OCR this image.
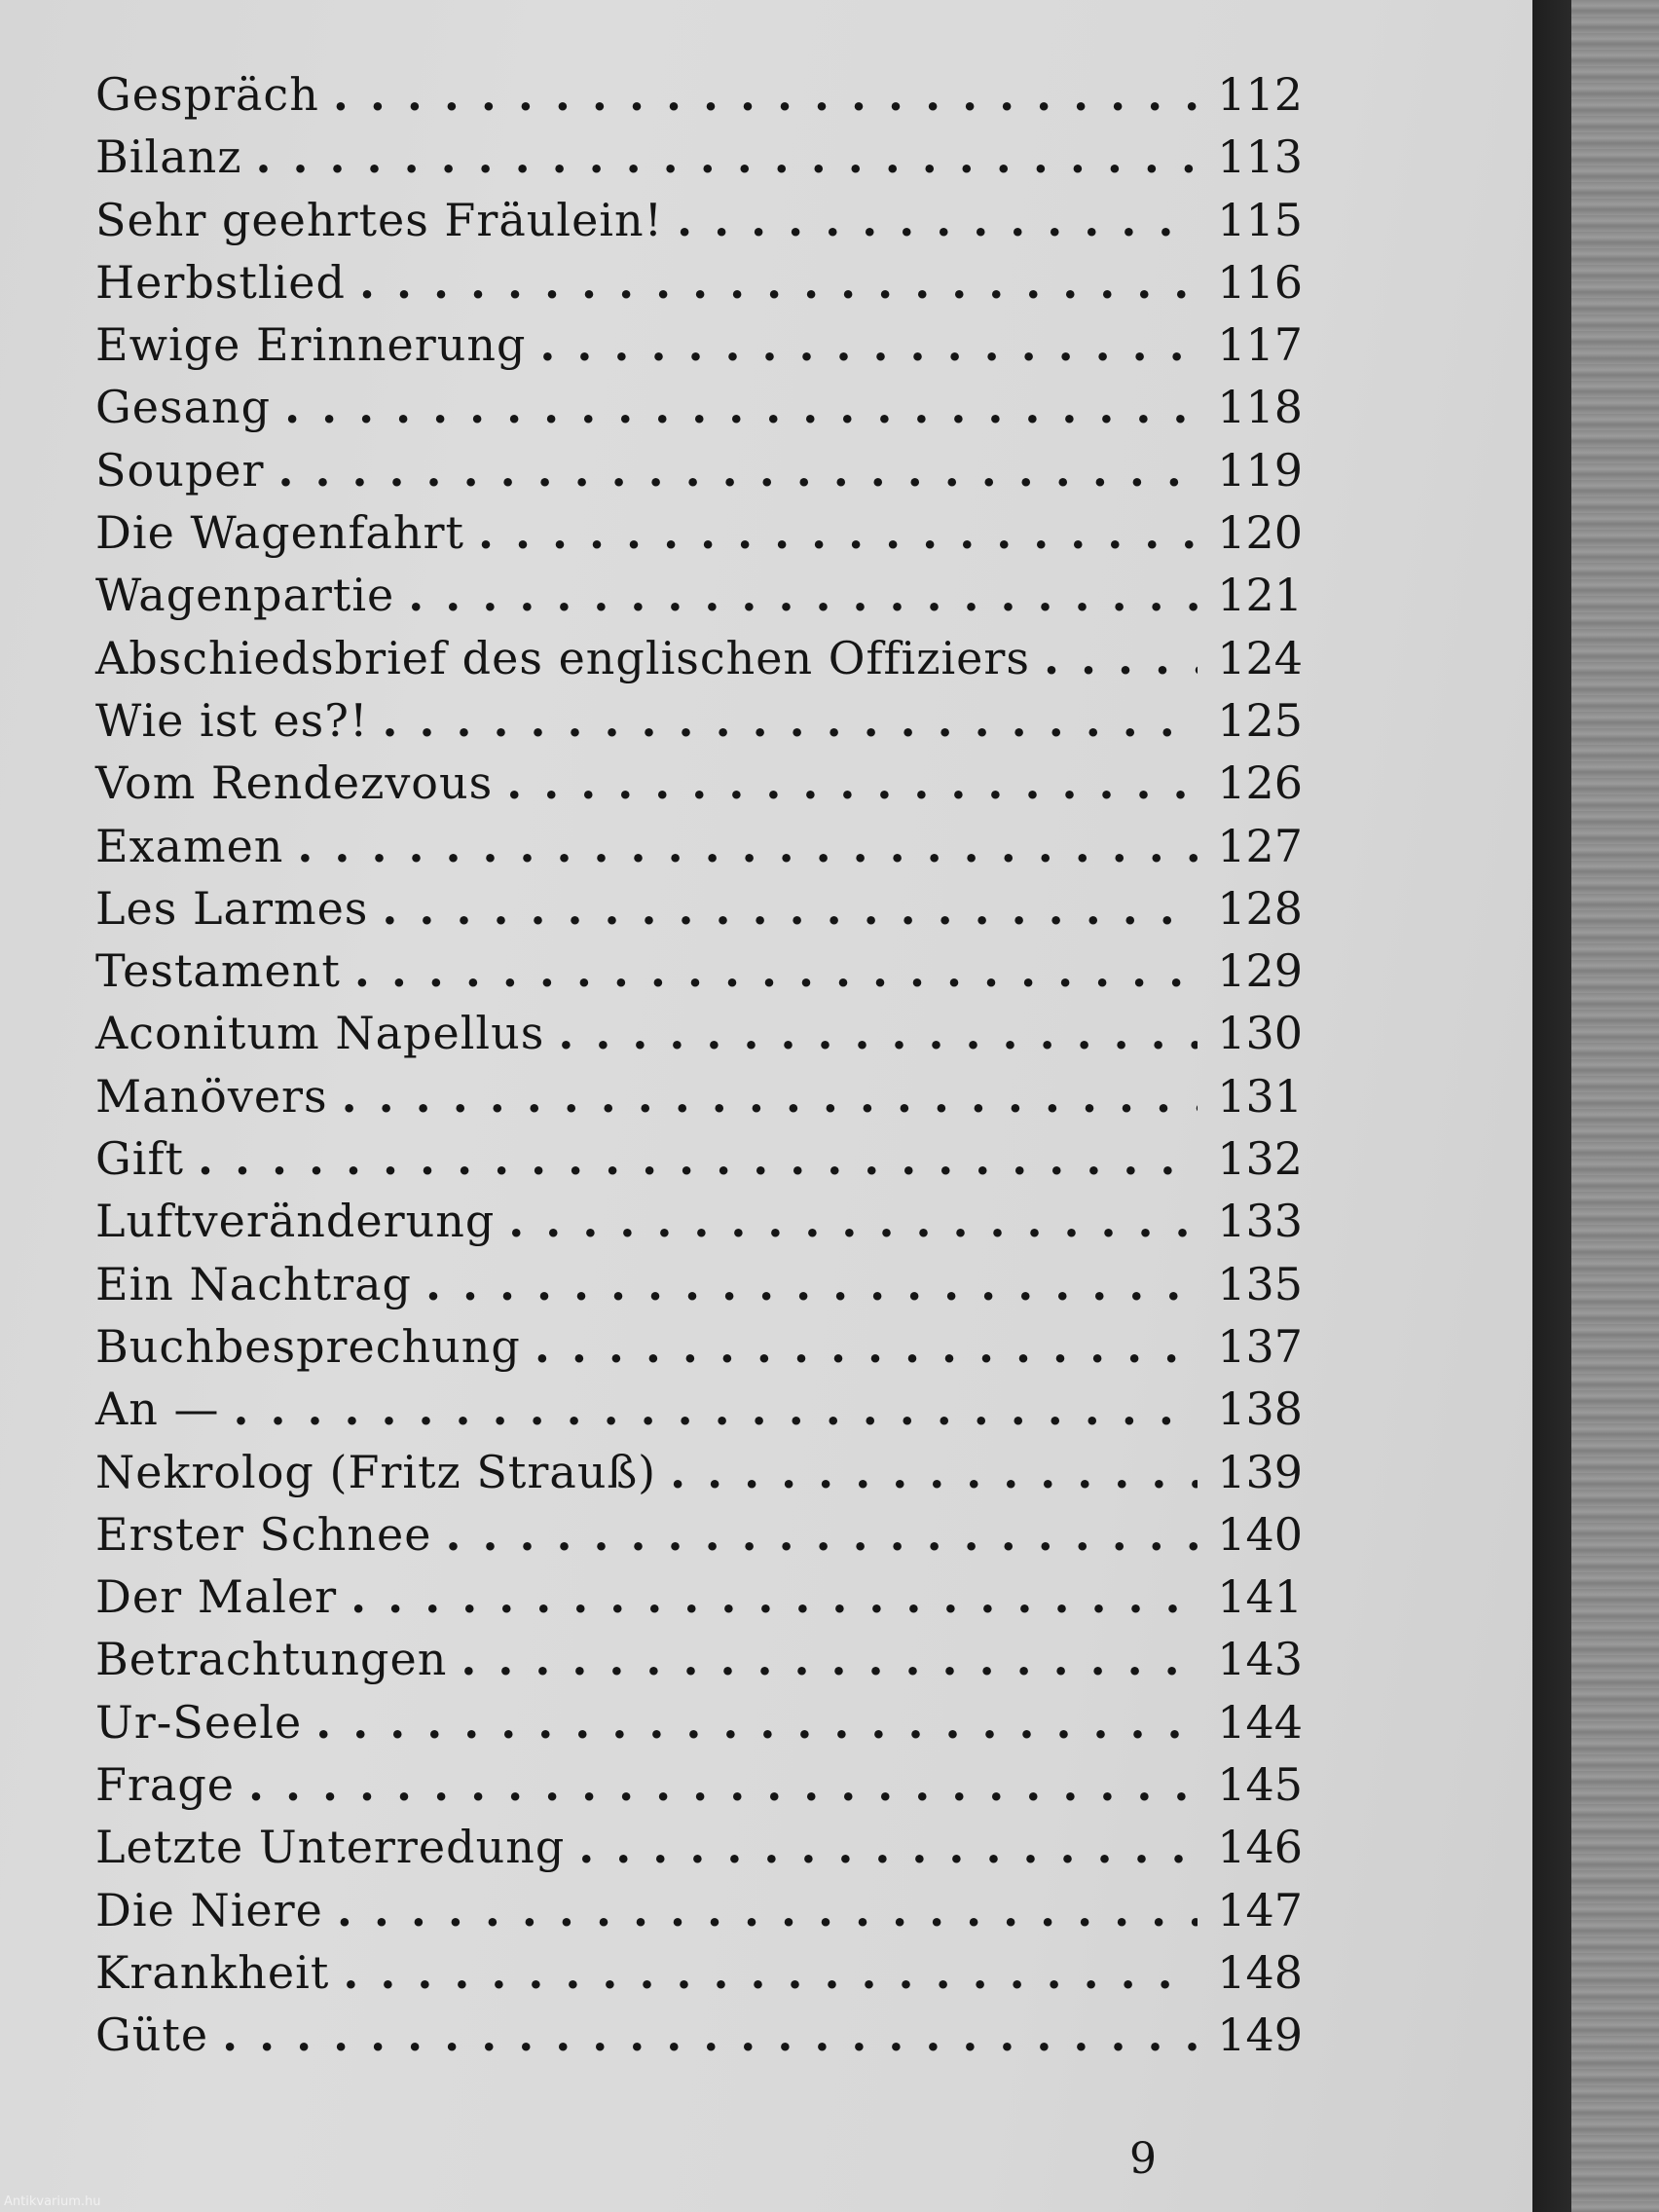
Gespräch .....	112
Bilanz .....	113
Sehr geehrtes Fräulein! .....	115
Herbstlied .....	116
Ewige Erinnerung .....	117
Gesang .....	118
Souper .....	119
Die Wagenfahrt .....	120
Wagenpartie .....	121
Abschiedsbrief des englischen Offiziers .....	124
Wie ist es?! .....	125
Vom Rendezvous .....	126
Examen .....	127
Les Larmes .....	128
Testament .....	129
Aconitum Napellus .....	130
Manövers .....	131
Gift .....	132
Luftveränderung .....	133
Ein Nachtrag .....	135
Buchbesprechung .....	137
An — .....	138
Nekrolog (Fritz Strauß) .....	139
Erster Schnee .....	140
Der Maler .....	141
Betrachtungen .....	143
Ur-Seele .....	144
Frage .....	145
Letzte Unterredung .....	146
Die Niere .....	147
Krankheit .....	148
Güte .....	149
9
Antikvarium.hu
